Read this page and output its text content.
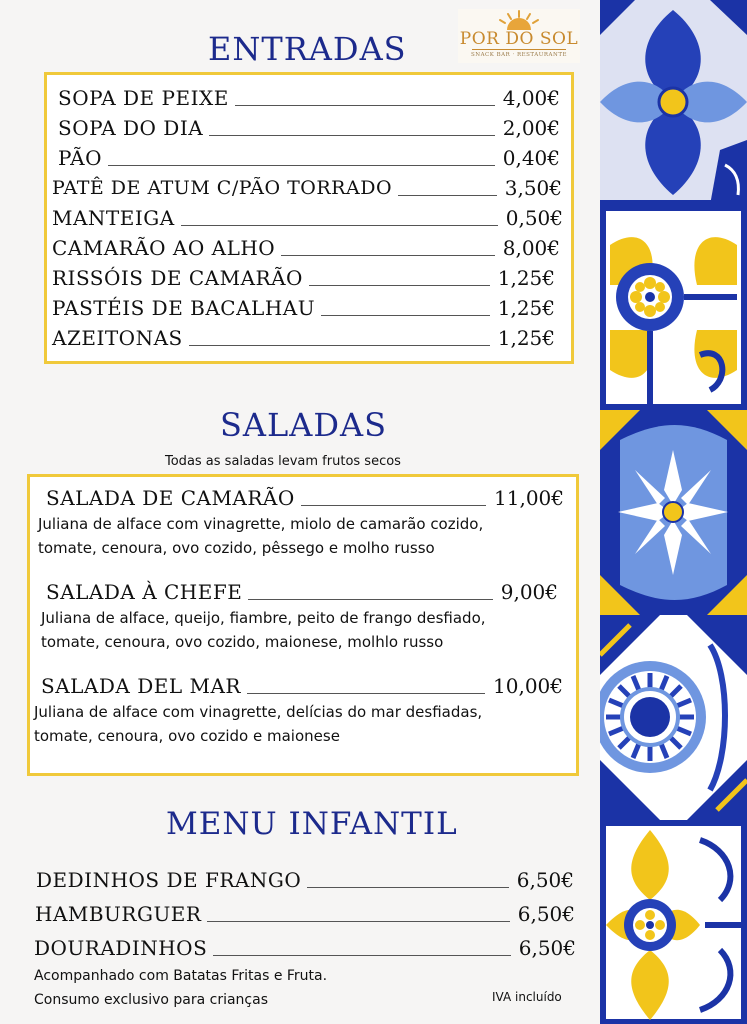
POR DO SOL
SNACK BAR · RESTAURANTE
ENTRADAS
SOPA DE PEIXE	4,00€
SOPA DO DIA	2,00€
PÃO	0,40€
PATÊ DE ATUM C/PÃO TORRADO	3,50€
MANTEIGA	0,50€
CAMARÃO AO ALHO	8,00€
RISSÓIS DE CAMARÃO	1,25€
PASTÉIS DE BACALHAU	1,25€
AZEITONAS	1,25€
SALADAS
Todas as saladas levam frutos secos
SALADA DE CAMARÃO	11,00€
Juliana de alface com vinagrette, miolo de camarão cozido,
tomate, cenoura, ovo cozido, pêssego e molho russo
SALADA À CHEFE	9,00€
Juliana de alface, queijo, fiambre, peito de frango desfiado,
tomate, cenoura, ovo cozido, maionese, molhlo russo
SALADA DEL MAR	10,00€
Juliana de alface com vinagrette, delícias do mar desfiadas,
tomate, cenoura, ovo cozido e maionese
MENU INFANTIL
DEDINHOS DE FRANGO	6,50€
HAMBURGUER	6,50€
DOURADINHOS	6,50€
Acompanhado com Batatas Fritas e Fruta.
Consumo exclusivo para crianças	IVA incluído
